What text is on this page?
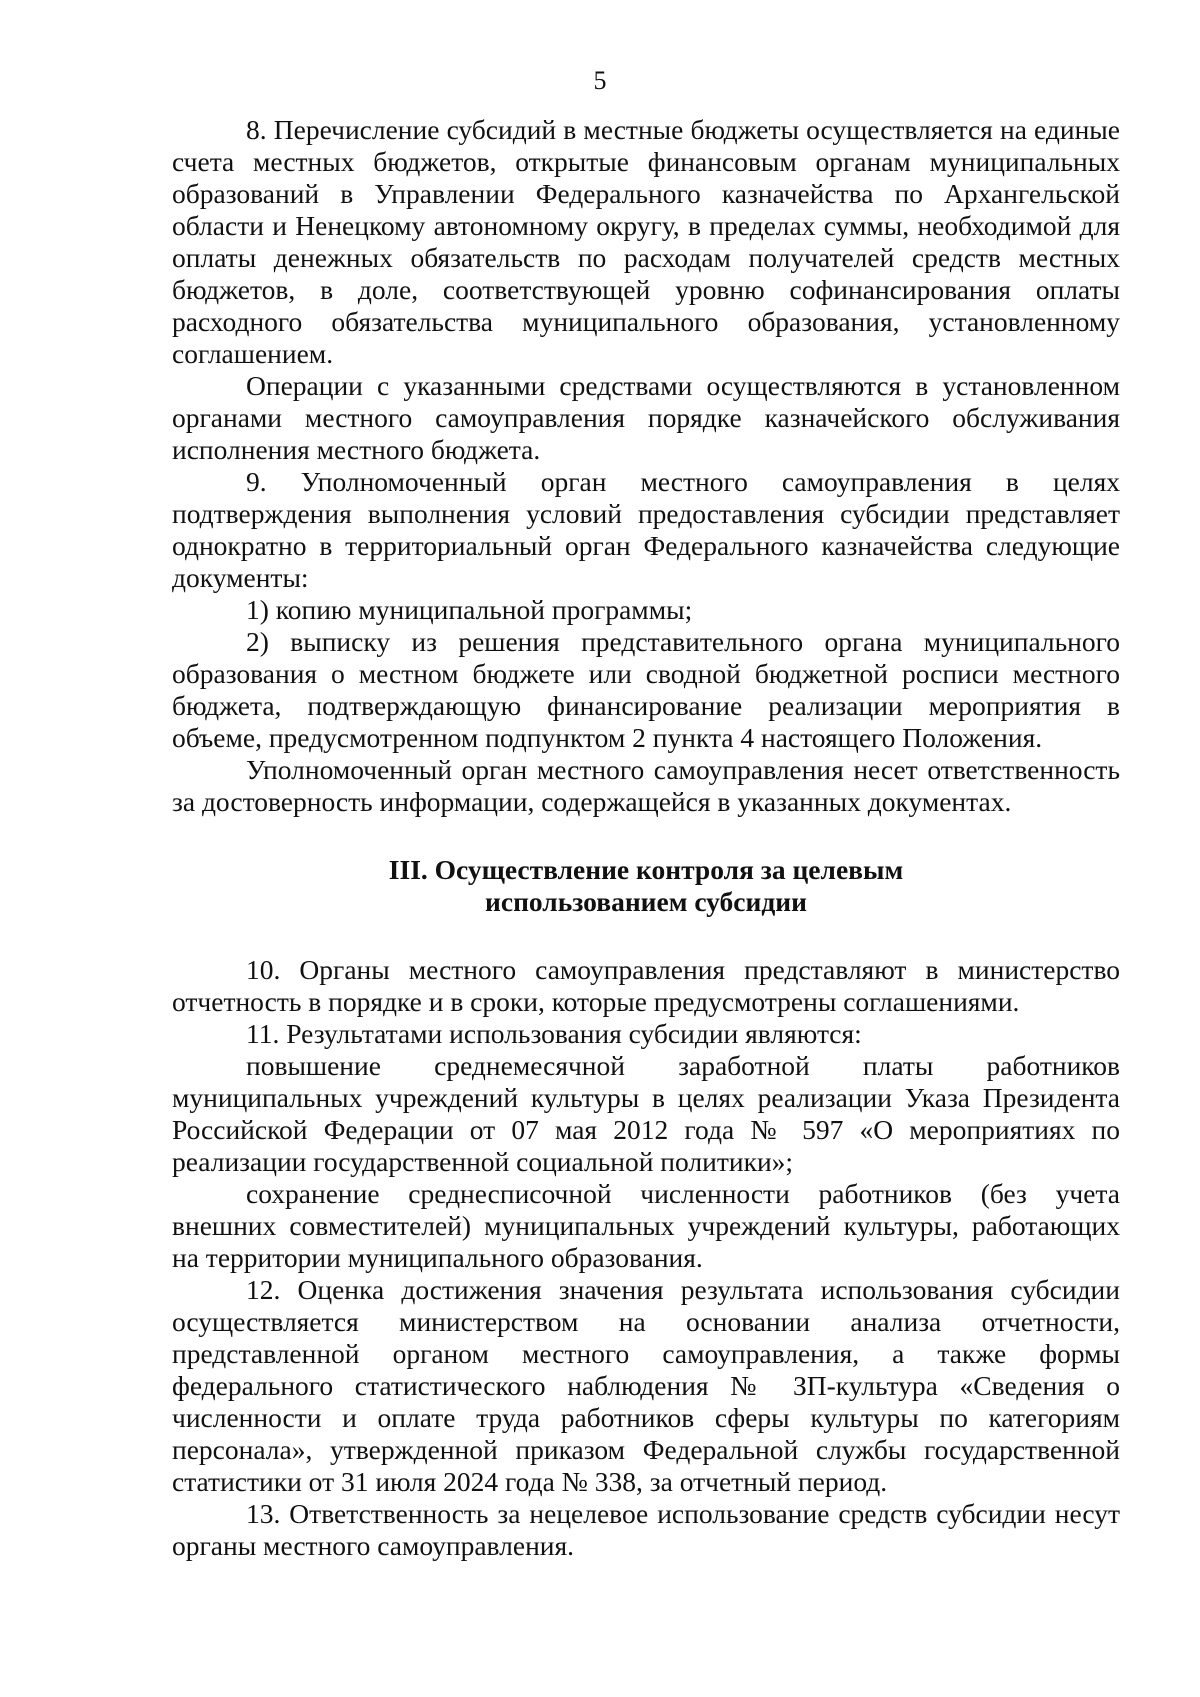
5

8. Перечисление субсидий в местные бюджеты осуществляется на единые счета местных бюджетов, открытые финансовым органам муниципальных образований в Управлении Федерального казначейства по Архангельской области и Ненецкому автономному округу, в пределах суммы, необходимой для оплаты денежных обязательств по расходам получателей средств местных бюджетов, в доле, соответствующей уровню софинансирования оплаты расходного обязательства муниципального образования, установленному соглашением.

Операции с указанными средствами осуществляются в установленном органами местного самоуправления порядке казначейского обслуживания исполнения местного бюджета.

9. Уполномоченный орган местного самоуправления в целях подтверждения выполнения условий предоставления субсидии представляет однократно в территориальный орган Федерального казначейства следующие документы:

1) копию муниципальной программы;

2) выписку из решения представительного органа муниципального образования о местном бюджете или сводной бюджетной росписи местного бюджета, подтверждающую финансирование реализации мероприятия в объеме, предусмотренном подпунктом 2 пункта 4 настоящего Положения.

Уполномоченный орган местного самоуправления несет ответственность за достоверность информации, содержащейся в указанных документах.

III. Осуществление контроля за целевым
использованием субсидии

10. Органы местного самоуправления представляют в министерство отчетность в порядке и в сроки, которые предусмотрены соглашениями.

11. Результатами использования субсидии являются:

повышение среднемесячной заработной платы работников муниципальных учреждений культуры в целях реализации Указа Президента Российской Федерации от 07 мая 2012 года № 597 «О мероприятиях по реализации государственной социальной политики»;

сохранение среднесписочной численности работников (без учета внешних совместителей) муниципальных учреждений культуры, работающих на территории муниципального образования.

12. Оценка достижения значения результата использования субсидии осуществляется министерством на основании анализа отчетности, представленной органом местного самоуправления, а также формы федерального статистического наблюдения № ЗП-культура «Сведения о численности и оплате труда работников сферы культуры по категориям персонала», утвержденной приказом Федеральной службы государственной статистики от 31 июля 2024 года № 338, за отчетный период.

13. Ответственность за нецелевое использование средств субсидии несут органы местного самоуправления.
